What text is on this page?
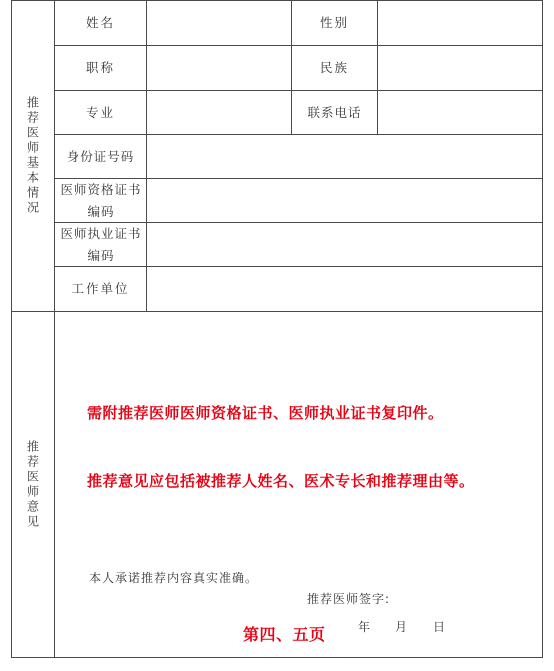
推荐医师基本情况
推荐医师意见
姓名	性别
职称	民族
专业	联系电话
身份证号码
医师资格证书编码
医师执业证书编码
工作单位
需附推荐医师医师资格证书、医师执业证书复印件。
推荐意见应包括被推荐人姓名、医术专长和推荐理由等。
本人承诺推荐内容真实准确。
推荐医师签字:
第四、五页	年 月 日
